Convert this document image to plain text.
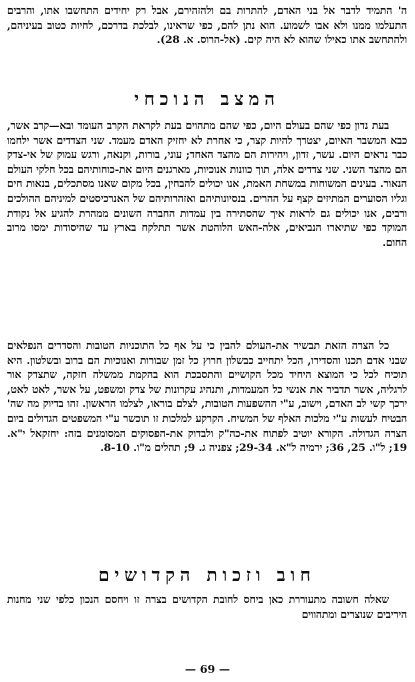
ה' התמיד לדבר אל בני האדם, להתרות בם ולהזהירם, אבל רק יחידים התחשבו אתו, והרבים התעלמו ממנו ולא אבו לשמוע. הוא נתן להם, כפי שראינו, לבלכת בדרכם, לחיות כטוב בעיניהם, ולהתחשב אתו כאילו שהוא לא היה קים. (אל-הרוס. א. 28).

המצב הנוכחי

בעת נדון כפי שהם בעולם היום, כפי שהם מתהוים בעת לקראת הקרב העומד ובא—קרב אשר, כבא המשבר האיום, יצטרך להיות קצר, כי אחרת לא יחזיק האדם מעמד. שני הצדדים אשר ילחמו כבר נראים היום. עשר, זדון, ויהירות הם מהצד האחד; עוני, בורות, וקנאה, ורגש עמוק של אי-צדק הם מהצד השני. שני צדדים אלה, תוך כוונות אנוכיות, מארגנים היום את-כוחותיהם בכל חלקי העולם הנאור. בעינים המשוחות במשחת האמת, אנו יכולים להבחין, בכל מקום שאנו מסתכלים, בנאות חים וגליו הסוערים המתיזים קצף על ההרים. בנסיונותיהם ואזהרותיהם של האנרכיסטים למיניהם ההולכים ורבים, אנו יכולים גם לראות איך שהסתירה בין עמדות החברה השונים ממהרת להגיע אל נקודת המוקד כפי שתיארו הנביאים, אלה-האש הלוהטת אשר תתלקח בארץ עד שהיסודות ימסו מרוב החום.

כל הצרה הזאת תבשיר את-העולם להבין כי על אף כל התוכניות הטובות והסדרים הנפלאים שבני אדם תכנו והסדירו, הכל יתחייב כבשלון חרוץ כל זמן שבורות ואנוכיות הם ברוב ובשלטון. היא תוכיח לכל כי המוצא היחיד מכל הקושיים והתסבכת הוא בהקמת ממשלה חזקה, שתצדק אור לרגליה, אשר תדביר את אנשי כל המעמדות, ותנהיג עקרונות של צדק ומשפט, על אשר, לאט לאט, ירכך קשי לב האדם, וישוב, ע"י ההשפעות הטובות, לצלם בוראו, לצלמו הראשון. זהו בדיוק מה שה' הבטיח לעשות ע"י מלכות האלף של המשיח. הקרקע למלכות זו תוכשר ע"י המשפטים הגדולים ביום הצרה הגדולה. הקורא יוטיב לפתוח את-כה"ק ולבדוק את-הפסוקים המסומנים בזה: יחזקאל י"א. 19; ל"ו. 25, 36; ירמיה ל"א. 29-34; צפניה ג. 9; תהלים מ"ו. 8-10.

חוב וזכות הקדושים

שאלה חשובה מתעוררת כאן ביחס לחובת הקדושים בצרה זו ויחסם הנכון כלפי שני מחנות היריבים שנוצרים ומתהווים

— 69 —
